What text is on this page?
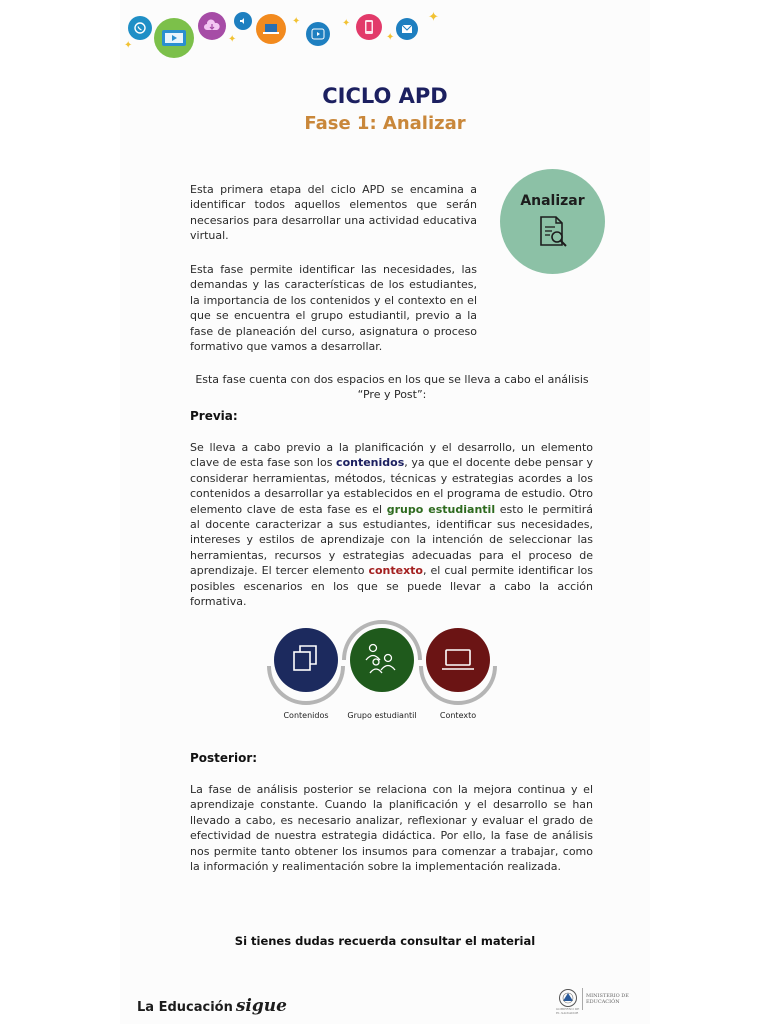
✦
✦
✦	✦
✦
✦
CICLO APD
Fase 1: Analizar

Esta primera etapa del ciclo APD se encamina a identificar todos aquellos elementos que serán necesarios para desarrollar una actividad educativa virtual.

Esta fase permite identificar las necesidades, las demandas y las características de los estudiantes, la importancia de los contenidos y el contexto en el que se encuentra el grupo estudiantil, previo a la fase de planeación del curso, asignatura o proceso formativo que vamos a desarrollar.

Analizar

Esta fase cuenta con dos espacios en los que se lleva a cabo el análisis “Pre y Post”:

Previa:

Se lleva a cabo previo a la planificación y el desarrollo, un elemento clave de esta fase son los contenidos, ya que el docente debe pensar y considerar herramientas, métodos, técnicas y estrategias acordes a los contenidos a desarrollar ya establecidos en el programa de estudio. Otro elemento clave de esta fase es el grupo estudiantil esto le permitirá al docente caracterizar a sus estudiantes, identificar sus necesidades, intereses y estilos de aprendizaje con la intención de seleccionar las herramientas, recursos y estrategias adecuadas para el proceso de aprendizaje. El tercer elemento contexto, el cual permite identificar los posibles escenarios en los que se puede llevar a cabo la acción formativa.

Contenidos	Grupo estudiantil	Contexto
Posterior:

La fase de análisis posterior se relaciona con la mejora continua y el aprendizaje constante. Cuando la planificación y el desarrollo se han llevado a cabo, es necesario analizar, reflexionar y evaluar el grado de efectividad de nuestra estrategia didáctica. Por ello, la fase de análisis nos permite tanto obtener los insumos para comenzar a trabajar, como la información y realimentación sobre la implementación realizada.

Si tienes dudas recuerda consultar el material
La Educación sigue	GOBIERNO DE EL SALVADOR
MINISTERIO DE EDUCACIÓN
